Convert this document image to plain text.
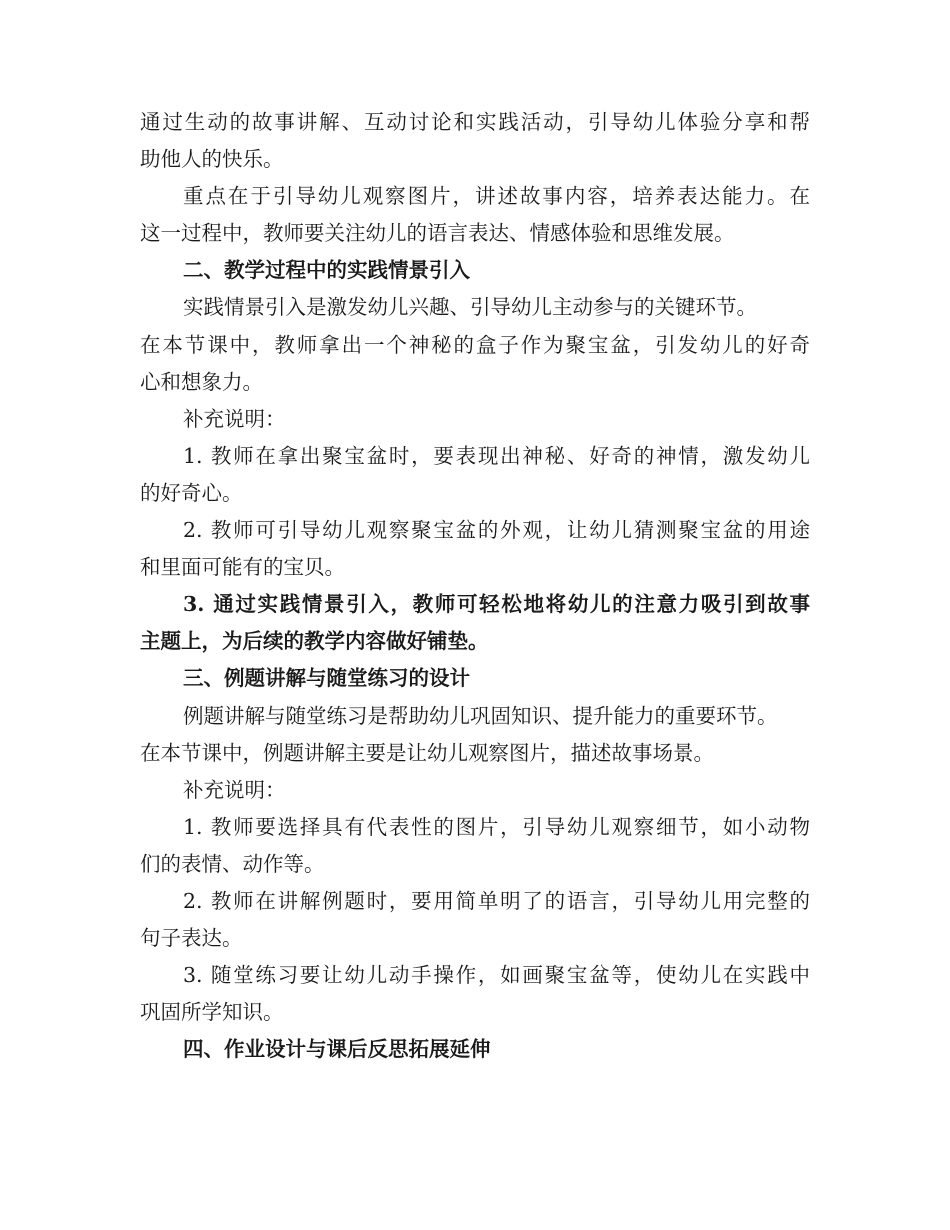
通过生动的故事讲解、互动讨论和实践活动，引导幼儿体验分享和帮
助他人的快乐。
重点在于引导幼儿观察图片，讲述故事内容，培养表达能力。在
这一过程中，教师要关注幼儿的语言表达、情感体验和思维发展。
二、教学过程中的实践情景引入
实践情景引入是激发幼儿兴趣、引导幼儿主动参与的关键环节。
在本节课中，教师拿出一个神秘的盒子作为聚宝盆，引发幼儿的好奇
心和想象力。
补充说明：
1. 教师在拿出聚宝盆时，要表现出神秘、好奇的神情，激发幼儿
的好奇心。
2. 教师可引导幼儿观察聚宝盆的外观，让幼儿猜测聚宝盆的用途
和里面可能有的宝贝。
3. 通过实践情景引入，教师可轻松地将幼儿的注意力吸引到故事
主题上，为后续的教学内容做好铺垫。
三、例题讲解与随堂练习的设计
例题讲解与随堂练习是帮助幼儿巩固知识、提升能力的重要环节。
在本节课中，例题讲解主要是让幼儿观察图片，描述故事场景。
补充说明：
1. 教师要选择具有代表性的图片，引导幼儿观察细节，如小动物
们的表情、动作等。
2. 教师在讲解例题时，要用简单明了的语言，引导幼儿用完整的
句子表达。
3. 随堂练习要让幼儿动手操作，如画聚宝盆等，使幼儿在实践中
巩固所学知识。
四、作业设计与课后反思拓展延伸
